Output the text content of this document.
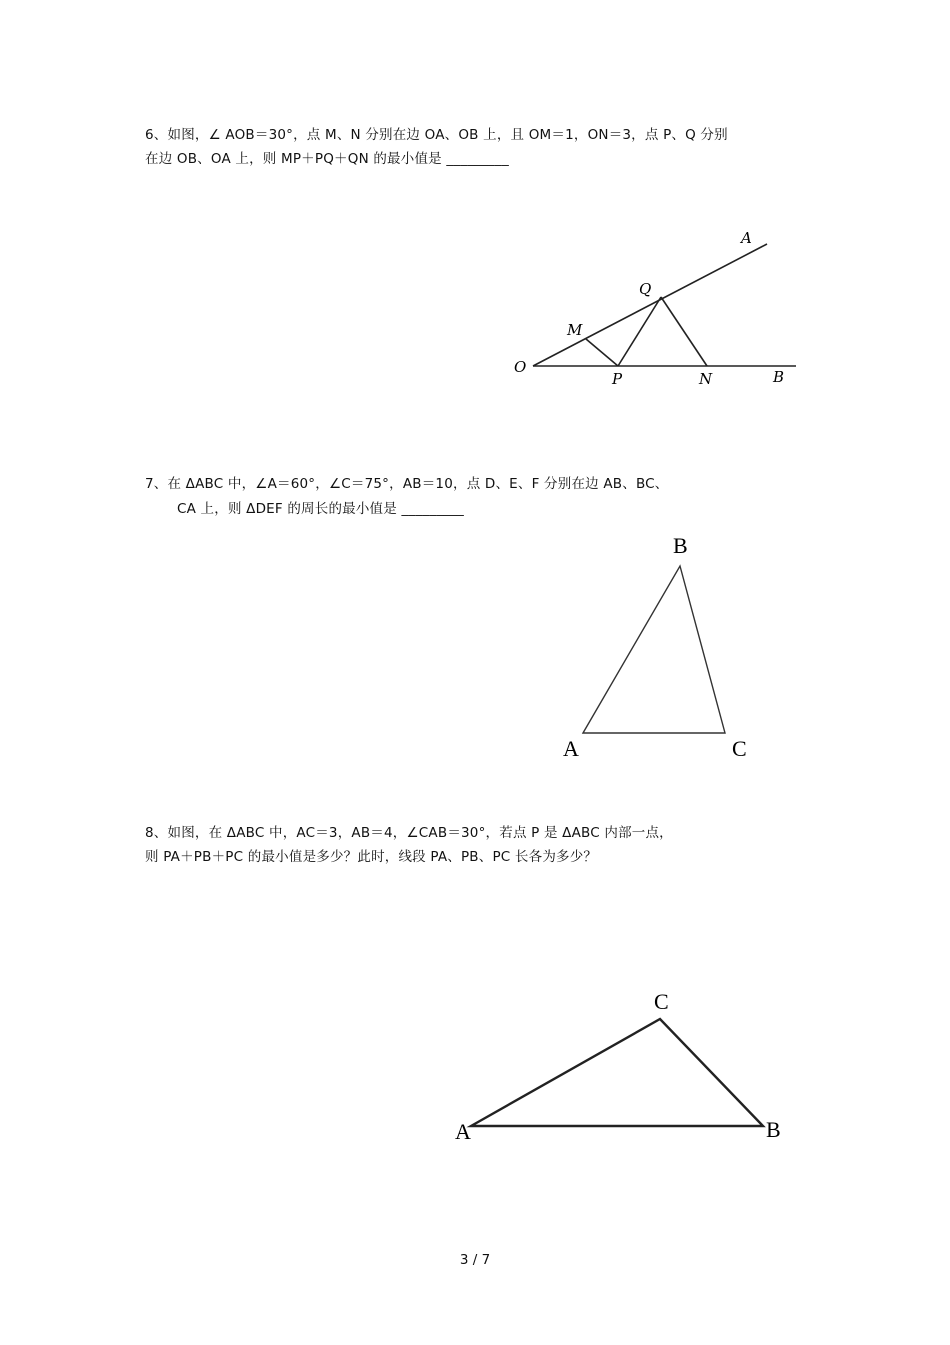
6、如图，∠ AOB＝30°，点 M、N 分别在边 OA、OB 上，且 OM＝1，ON＝3，点 P、Q 分别
在边 OB、OA 上，则 MP＋PQ＋QN 的最小值是 _________
O
A
B
M
Q
P	N
7、在 ΔABC 中，∠A＝60°，∠C＝75°，AB＝10，点 D、E、F 分别在边 AB、BC、
CA 上，则 ΔDEF 的周长的最小值是 _________
B
A	C
8、如图，在 ΔABC 中，AC＝3，AB＝4，∠CAB＝30°，若点 P 是 ΔABC 内部一点，
则 PA＋PB＋PC 的最小值是多少？此时，线段 PA、PB、PC 长各为多少？
C
A	B
3 / 7
